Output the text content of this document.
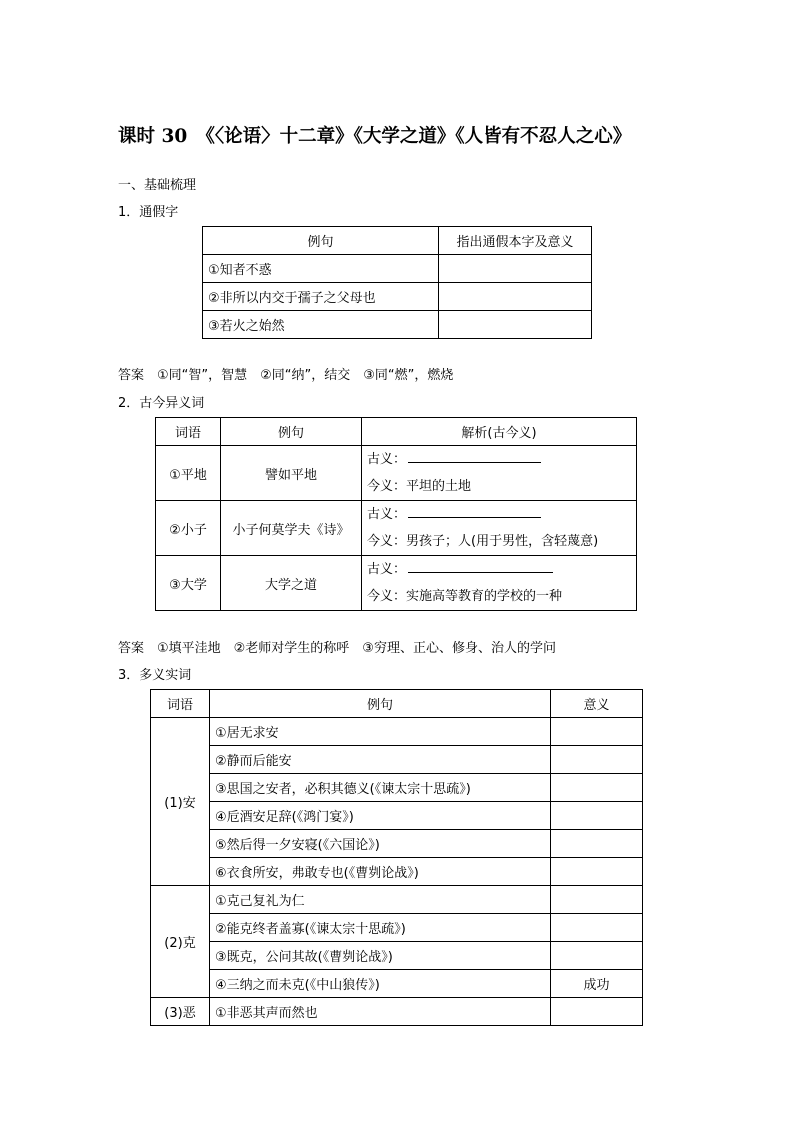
课时 30　《〈论语〉十二章》《大学之道》《人皆有不忍人之心》
一、基础梳理
1．通假字
例句	指出通假本字及意义
①知者不惑	
②非所以内交于孺子之父母也	
③若火之始然	
答案　①同“智”，智慧　②同“纳”，结交　③同“燃”，燃烧
2．古今异义词
词语	例句	解析(古今义)
①平地	譬如平地	古义：
今义：平坦的土地

②小子	小子何莫学夫《诗》	古义：
今义：男孩子；人(用于男性，含轻蔑意)

③大学	大学之道	古义：
今义：实施高等教育的学校的一种
答案　①填平洼地　②老师对学生的称呼　③穷理、正心、修身、治人的学问
3．多义实词
词语	例句	意义
(1)安	①居无求安	
	②静而后能安	
	③思国之安者，必积其德义(《谏太宗十思疏》)	
	④卮酒安足辞(《鸿门宴》)	
	⑤然后得一夕安寝(《六国论》)	
	⑥衣食所安，弗敢专也(《曹刿论战》)	
(2)克	①克己复礼为仁	
	②能克终者盖寡(《谏太宗十思疏》)	
	③既克，公问其故(《曹刿论战》)	
	④三纳之而未克(《中山狼传》)	成功
(3)恶	①非恶其声而然也	
